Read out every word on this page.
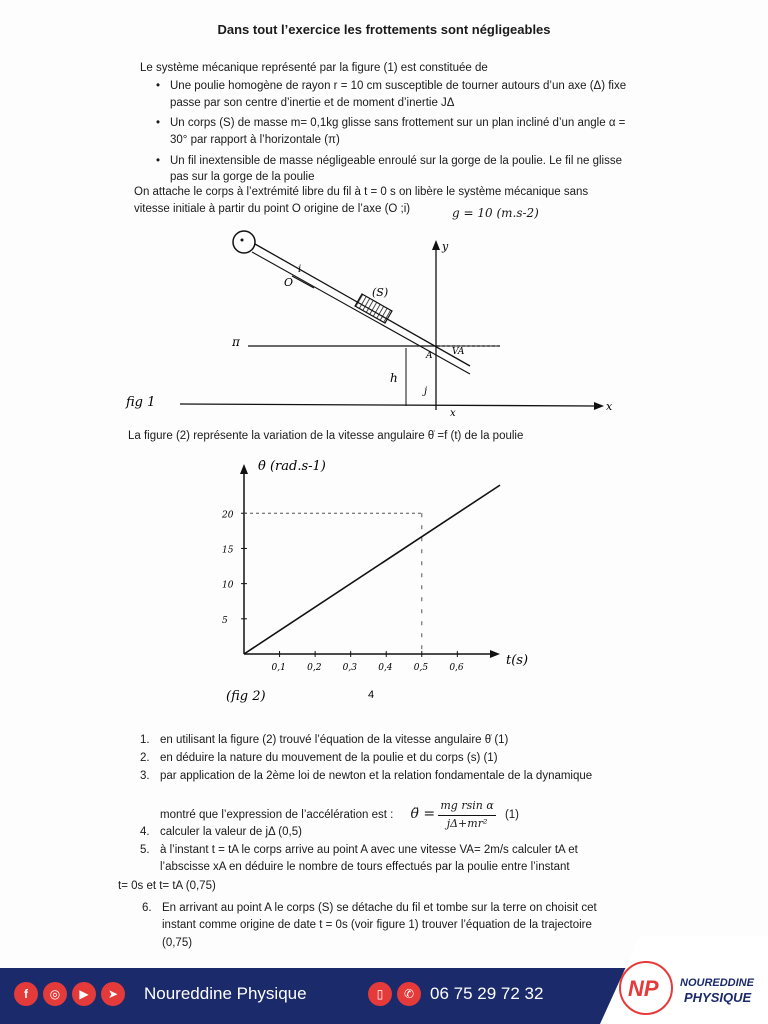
Dans tout l’exercice les frottements sont négligeables
Le système mécanique représenté par la figure (1) est constituée de
• Une poulie homogène de rayon r = 10 cm susceptible de tourner autours d’un axe (Δ) fixe passe par son centre d’inertie et de moment d’inertie JΔ
• Un corps (S) de masse m= 0,1kg glisse sans frottement sur un plan incliné d’un angle α = 30° par rapport à l’horizontale (π)
• Un fil inextensible de masse négligeable enroulé sur la gorge de la poulie. Le fil ne glisse pas sur la gorge de la poulie
On attache le corps à l’extrémité libre du fil à t = 0 s on libère le système mécanique sans vitesse initiale à partir du point O origine de l’axe (O ;i)	g = 10 (m.s-2)
(S)
O
i
π
A VA
y
h
j
x
x
fig 1
La figure (2) représente la variation de la vitesse angulaire θ̇ =f (t) de la poulie
θ̇ (rad.s-1)
t(s)
(fig 2)	4
0,1 0,2 0,3 0,4 0,5 0,6
5
10
15
20
1. en utilisant la figure (2) trouvé l’équation de la vitesse angulaire θ̇ (1)
2. en déduire la nature du mouvement de la poulie et du corps (s) (1)
3. par application de la 2ème loi de newton et la relation fondamentale de la dynamique
montré que l’expression de l’accélération est : θ̈ = $\frac{\text{mg rsin α}}{\text{jΔ+mr²}} (1)$
4. calculer la valeur de jΔ (0,5)
5. à l’instant t = tA le corps arrive au point A avec une vitesse VA= 2m/s calculer tA et l’abscisse xA en déduire le nombre de tours effectués par la poulie entre l’instant
t= 0s et t= tA (0,75)
6. En arrivant au point A le corps (S) se détache du fil et tombe sur la terre on choisit cet instant comme origine de date t = 0s (voir figure 1) trouver l’équation de la trajectoire (0,75)
f	◎	▶	➤	Noureddine Physique	▯	✆ 06 75 29 72 32	NP NOUREDDINE
PHYSIQUE
